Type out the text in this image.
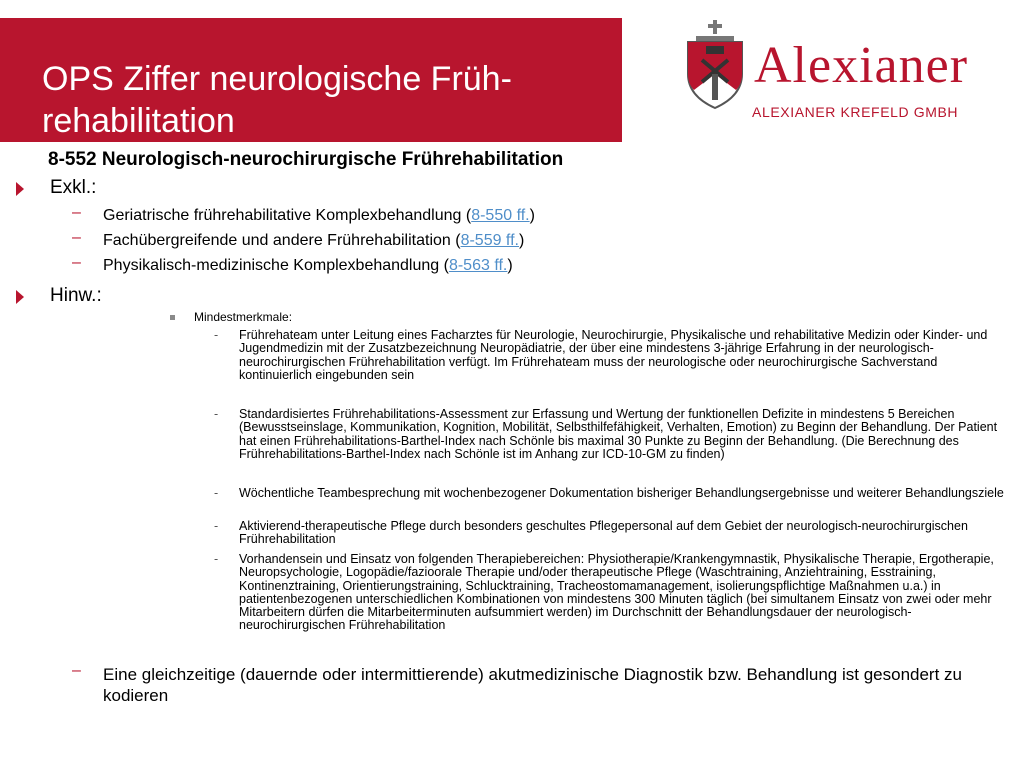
OPS Ziffer neurologische Früh-
rehabilitation
Alexianer
ALEXIANER KREFELD GMBH
8-552 Neurologisch-neurochirurgische Frührehabilitation
Exkl.:
– Geriatrische frührehabilitative Komplexbehandlung (8-550 ff.)
– Fachübergreifende und andere Frührehabilitation (8-559 ff.)
– Physikalisch-medizinische Komplexbehandlung (8-563 ff.)
Hinw.:
Mindestmerkmale:
- Frührehateam unter Leitung eines Facharztes für Neurologie, Neurochirurgie, Physikalische und rehabilitative Medizin oder Kinder- und Jugendmedizin mit der Zusatzbezeichnung Neuropädiatrie, der über eine mindestens 3-jährige Erfahrung in der neurologisch-neurochirurgischen Frührehabilitation verfügt. Im Frührehateam muss der neurologische oder neurochirurgische Sachverstand kontinuierlich eingebunden sein
- Standardisiertes Frührehabilitations-Assessment zur Erfassung und Wertung der funktionellen Defizite in mindestens 5 Bereichen (Bewusstseinslage, Kommunikation, Kognition, Mobilität, Selbsthilfefähigkeit, Verhalten, Emotion) zu Beginn der Behandlung. Der Patient hat einen Frührehabilitations-Barthel-Index nach Schönle bis maximal 30 Punkte zu Beginn der Behandlung. (Die Berechnung des Frührehabilitations-Barthel-Index nach Schönle ist im Anhang zur ICD-10-GM zu finden)
- Wöchentliche Teambesprechung mit wochenbezogener Dokumentation bisheriger Behandlungsergebnisse und weiterer Behandlungsziele
- Aktivierend-therapeutische Pflege durch besonders geschultes Pflegepersonal auf dem Gebiet der neurologisch-neurochirurgischen Frührehabilitation
- Vorhandensein und Einsatz von folgenden Therapiebereichen: Physiotherapie/Krankengymnastik, Physikalische Therapie, Ergotherapie, Neuropsychologie, Logopädie/fazioorale Therapie und/oder therapeutische Pflege (Waschtraining, Anziehtraining, Esstraining, Kontinenztraining, Orientierungstraining, Schlucktraining, Tracheostomamanagement, isolierungspflichtige Maßnahmen u.a.) in patientenbezogenen unterschiedlichen Kombinationen von mindestens 300 Minuten täglich (bei simultanem Einsatz von zwei oder mehr Mitarbeitern dürfen die Mitarbeiterminuten aufsummiert werden) im Durchschnitt der Behandlungsdauer der neurologisch-neurochirurgischen Frührehabilitation
– Eine gleichzeitige (dauernde oder intermittierende) akutmedizinische Diagnostik bzw. Behandlung ist gesondert zu kodieren
